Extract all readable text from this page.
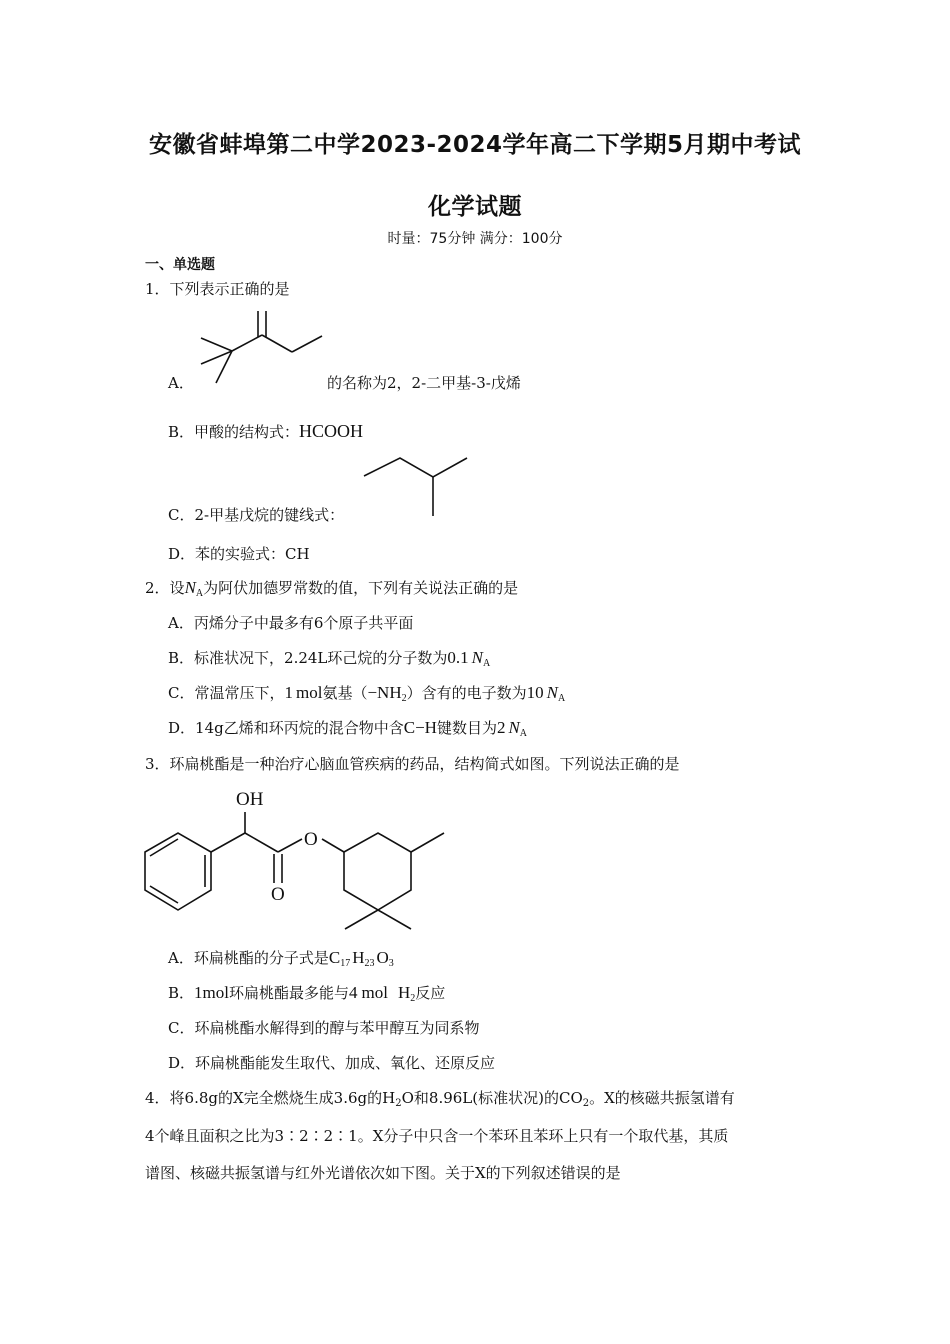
安徽省蚌埠第二中学2023-2024学年高二下学期5月期中考试
化学试题
时量：75分钟 满分：100分
一、单选题
1．下列表示正确的是
A．	的名称为2，2-二甲基-3-戊烯
B．甲酸的结构式：HCOOH
C．2-甲基戊烷的键线式：
D．苯的实验式：CH
2．设$N_A$为阿伏加德罗常数的值，下列有关说法正确的是
A．丙烯分子中最多有6个原子共平面
B．标准状况下，2.24L环己烷的分子数为0.1 $N_A$
C．常温常压下，1 mol氨基$(-NH_2)$含有的电子数为10 $N_A$
D．14g乙烯和环丙烷的混合物中含C−H键数目为2 $N_A$
3．环扁桃酯是一种治疗心脑血管疾病的药品，结构简式如图。下列说法正确的是
OH
O
O
A．环扁桃酯的分子式是$C_{17}$ $H_{23}$ $O_3$
B．1mol环扁桃酯最多能与4 mol $H_2$反应
C．环扁桃酯水解得到的醇与苯甲醇互为同系物
D．环扁桃酯能发生取代、加成、氧化、还原反应
4．将6.8g的X完全燃烧生成3.6g的$H_2O$和8.96L(标准状况)的$CO_2$。X的核磁共振氢谱有
4个峰且面积之比为3∶2∶2∶1。X分子中只含一个苯环且苯环上只有一个取代基，其质
谱图、核磁共振氢谱与红外光谱依次如下图。关于X的下列叙述错误的是
